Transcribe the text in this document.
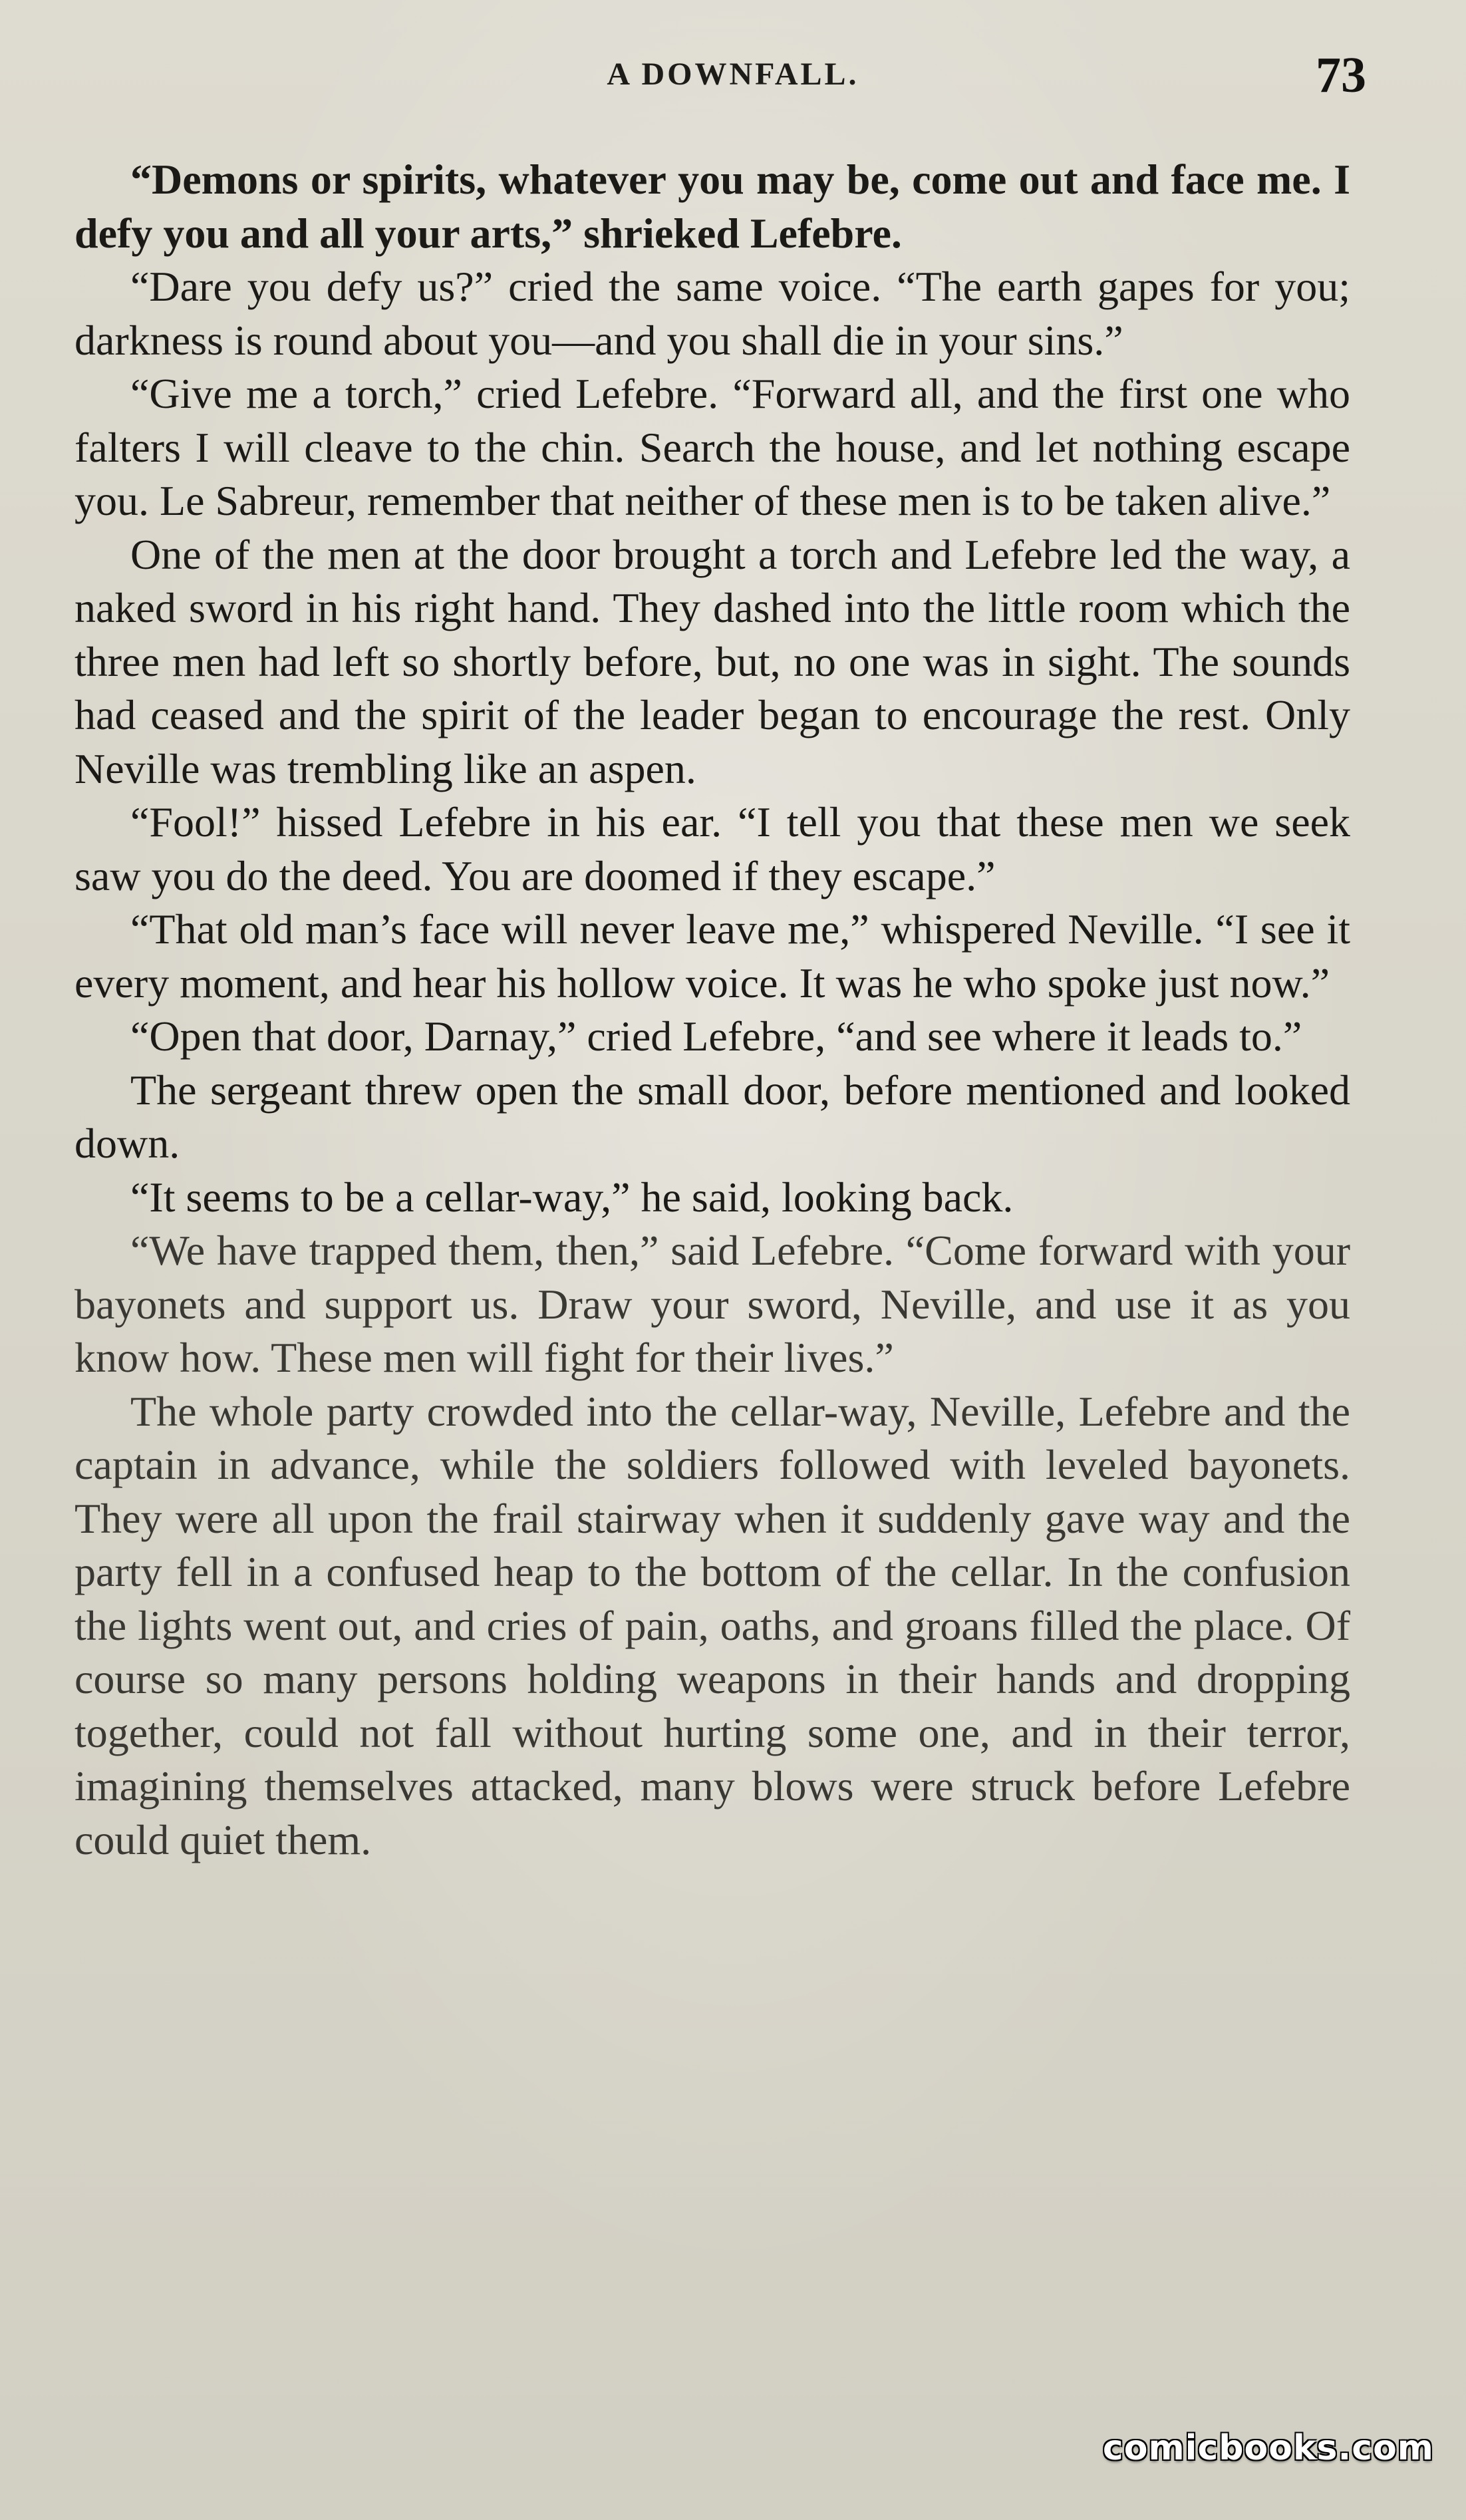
A DOWNFALL.	73

“Demons or spirits, whatever you may be, come out and face me. I defy you and all your arts,” shrieked Lefebre.

“Dare you defy us?” cried the same voice. “The earth gapes for you; darkness is round about you—and you shall die in your sins.”

“Give me a torch,” cried Lefebre. “Forward all, and the first one who falters I will cleave to the chin. Search the house, and let nothing escape you. Le Sabreur, remember that neither of these men is to be taken alive.”

One of the men at the door brought a torch and Lefebre led the way, a naked sword in his right hand. They dashed into the little room which the three men had left so shortly before, but, no one was in sight. The sounds had ceased and the spirit of the leader began to encourage the rest. Only Neville was trembling like an aspen.

“Fool!” hissed Lefebre in his ear. “I tell you that these men we seek saw you do the deed. You are doomed if they escape.”

“That old man’s face will never leave me,” whispered Neville. “I see it every moment, and hear his hollow voice. It was he who spoke just now.”

“Open that door, Darnay,” cried Lefebre, “and see where it leads to.”

The sergeant threw open the small door, before mentioned and looked down.

“It seems to be a cellar-way,” he said, looking back.

“We have trapped them, then,” said Lefebre. “Come forward with your bayonets and support us. Draw your sword, Neville, and use it as you know how. These men will fight for their lives.”

The whole party crowded into the cellar-way, Neville, Lefebre and the captain in advance, while the soldiers followed with leveled bayonets. They were all upon the frail stairway when it suddenly gave way and the party fell in a confused heap to the bottom of the cellar. In the confusion the lights went out, and cries of pain, oaths, and groans filled the place. Of course so many persons holding weapons in their hands and dropping together, could not fall without hurting some one, and in their terror, imagining themselves attacked, many blows were struck before Lefebre could quiet them.

comicbooks.com
